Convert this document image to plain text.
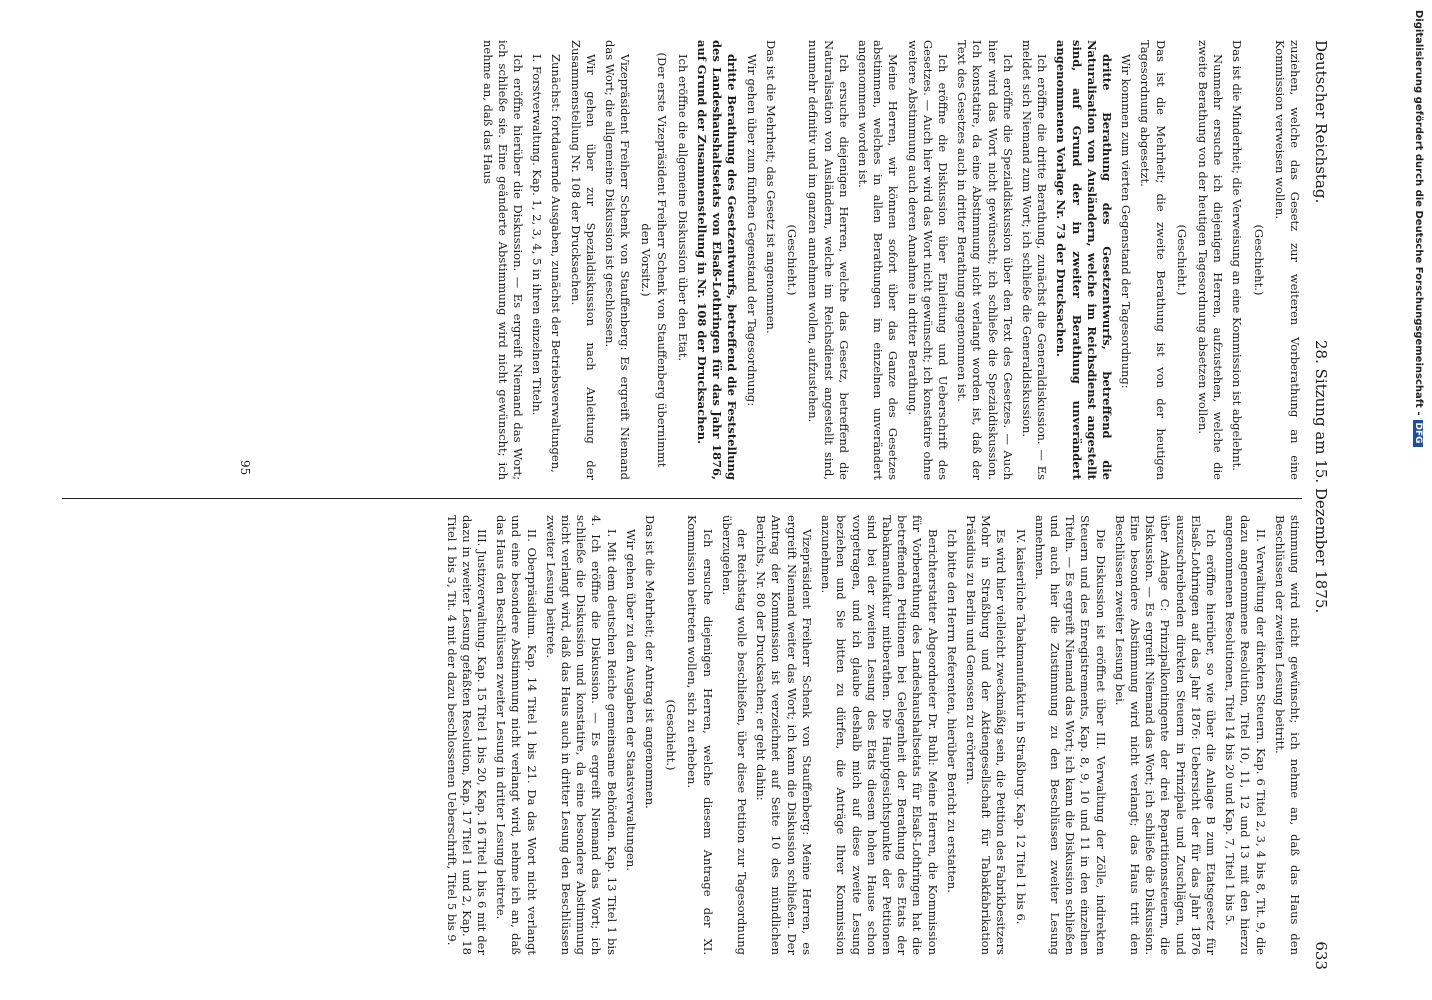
Deutscher Reichstag.
28. Sitzung am 15. Dezember 1875.
633

zuziehen, welche das Gesetz zur weiteren Vorberathung an eine Kommission verweisen wollen.

(Geschieht.)

Das ist die Minderheit; die Verweisung an eine Kommission ist abgelehnt.

Nunmehr ersuche ich diejenigen Herren, aufzustehen, welche die zweite Berathung von der heutigen Tagesordnung absetzen wollen.

(Geschieht.)

Das ist die Mehrheit; die zweite Berathung ist von der heutigen Tagesordnung abgesetzt.

Wir kommen zum vierten Gegenstand der Tagesordnung:

dritte Berathung des Gesetzentwurfs, betreffend die Naturalisation von Ausländern, welche im Reichsdienst angestellt sind, auf Grund der in zweiter Berathung unverändert angenommenen Vorlage Nr. 73 der Drucksachen.

Ich eröffne die dritte Berathung, zunächst die Generaldiskussion. — Es meldet sich Niemand zum Wort; ich schließe die Generaldiskussion.

Ich eröffne die Spezialdiskussion über den Text des Gesetzes. — Auch hier wird das Wort nicht gewünscht; ich schließe die Spezialdiskussion. Ich konstatire, da eine Abstimmung nicht verlangt worden ist, daß der Text des Gesetzes auch in dritter Berathung angenommen ist.

Ich eröffne die Diskussion über Einleitung und Ueberschrift des Gesetzes. — Auch hier wird das Wort nicht gewünscht; ich konstatire ohne weitere Abstimmung auch deren Annahme in dritter Berathung.

Meine Herren, wir können sofort über das Ganze des Gesetzes abstimmen, welches in allen Berathungen im einzelnen unverändert angenommen worden ist.

Ich ersuche diejenigen Herren, welche das Gesetz, betreffend die Naturalisation von Ausländern, welche im Reichsdienst angestellt sind, nunmehr definitiv und im ganzen annehmen wollen, aufzustehen.

(Geschieht.)

Das ist die Mehrheit; das Gesetz ist angenommen.

Wir gehen über zum fünften Gegenstand der Tagesordnung:

dritte Berathung des Gesetzentwurfs, betreffend die Feststellung des Landeshaushaltsetats von Elsaß-Lothringen für das Jahr 1876, auf Grund der Zusammenstellung in Nr. 108 der Drucksachen.

Ich eröffne die allgemeine Diskussion über den Etat.

(Der erste Vizepräsident Freiherr Schenk von Stauffenberg übernimmt den Vorsitz.)

Vizepräsident Freiherr Schenk von Stauffenberg: Es ergreift Niemand das Wort; die allgemeine Diskussion ist geschlossen.

Wir gehen über zur Spezialdiskussion nach Anleitung der Zusammenstellung Nr. 108 der Drucksachen.

Zunächst: fortdauernde Ausgaben, zunächst der Betriebsverwaltungen,

I. Forstverwaltung. Kap. 1, 2, 3, 4, 5 in ihren einzelnen Titeln.

Ich eröffne hierüber die Diskussion. — Es ergreift Niemand das Wort; ich schließe sie. Eine geänderte Abstimmung wird nicht gewünscht; ich nehme an, daß das Haus

stimmung wird nicht gewünscht; ich nehme an, daß das Haus den Beschlüssen der zweiten Lesung beitritt.

II. Verwaltung der direkten Steuern. Kap. 6 Titel 2, 3, 4 bis 8, Tit. 9, die dazu angenommene Resolution, Titel 10, 11, 12 und 13 mit den hierzu angenommenen Resolutionen, Titel 14 bis 20 und Kap. 7, Titel 1 bis 5.

Ich eröffne hierüber, so wie über die Anlage B zum Etatsgesetz für Elsaß-Lothringen auf das Jahr 1876: Uebersicht der für das Jahr 1876 auszuschreibenden direkten Steuern in Prinzipale und Zuschlägen, und über Anlage C: Prinzipalkontingente der drei Repartitionssteuern, die Diskussion. — Es ergreift Niemand das Wort; ich schließe die Diskussion. Eine besondere Abstimmung wird nicht verlangt; das Haus tritt den Beschlüssen zweiter Lesung bei.

Die Diskussion ist eröffnet über III. Verwaltung der Zölle, indirekten Steuern und des Enregistrements, Kap. 8, 9, 10 und 11 in den einzelnen Titeln. — Es ergreift Niemand das Wort; ich kann die Diskussion schließen und auch hier die Zustimmung zu den Beschlüssen zweiter Lesung annehmen.

IV. kaiserliche Tabakmanufaktur in Straßburg. Kap. 12 Titel 1 bis 6.

Es wird hier vielleicht zweckmäßig sein, die Petition des Fabrikbesitzers Mohr in Straßburg und der Aktiengesellschaft für Tabakfabrikation Präsidius zu Berlin und Genossen zu erörtern.

Ich bitte den Herrn Referenten, hierüber Bericht zu erstatten.

Berichterstatter Abgeordneter Dr. Buhl: Meine Herren, die Kommission für Vorberathung des Landeshaushaltsetats für Elsaß-Lothringen hat die betreffenden Petitionen bei Gelegenheit der Berathung des Etats der Tabakmanufaktur mitberathen. Die Hauptgesichtspunkte der Petitionen sind bei der zweiten Lesung des Etats diesem hohen Hause schon vorgetragen, und ich glaube deshalb mich auf diese zweite Lesung beziehen und Sie bitten zu dürfen, die Anträge Ihrer Kommission anzunehmen.

Vizepräsident Freiherr Schenk von Stauffenberg: Meine Herren, es ergreift Niemand weiter das Wort; ich kann die Diskussion schließen. Der Antrag der Kommission ist verzeichnet auf Seite 10 des mündlichen Berichts, Nr. 80 der Drucksachen; er geht dahin:

der Reichstag wolle beschließen, über diese Petition zur Tagesordnung überzugehen.

Ich ersuche diejenigen Herren, welche diesem Antrage der XI. Kommission beitreten wollen, sich zu erheben.

(Geschieht.)

Das ist die Mehrheit; der Antrag ist angenommen.

Wir gehen über zu den Ausgaben der Staatsverwaltungen.

I. Mit dem deutschen Reiche gemeinsame Behörden. Kap. 13 Titel 1 bis 4. Ich eröffne die Diskussion. — Es ergreift Niemand das Wort; ich schließe die Diskussion und konstatire, da eine besondere Abstimmung nicht verlangt wird, daß das Haus auch in dritter Lesung den Beschlüssen zweiter Lesung beitrete.

II. Oberpräsidium. Kap. 14 Titel 1 bis 21. Da das Wort nicht verlangt und eine besondere Abstimmung nicht verlangt wird, nehme ich an, daß das Haus den Beschlüssen zweiter Lesung in dritter Lesung beitrete.

III. Justizverwaltung. Kap. 15 Titel 1 bis 20, Kap. 16 Titel 1 bis 6 mit der dazu in zweiter Lesung gefaßten Resolution, Kap. 17 Titel 1 und 2, Kap. 18 Titel 1 bis 3, Tit. 4 mit der dazu beschlossenen Ueberschrift, Titel 5 bis 9.

95
Digitalisierung gefördert durch die Deutsche Forschungsgemeinschaft -DFG
